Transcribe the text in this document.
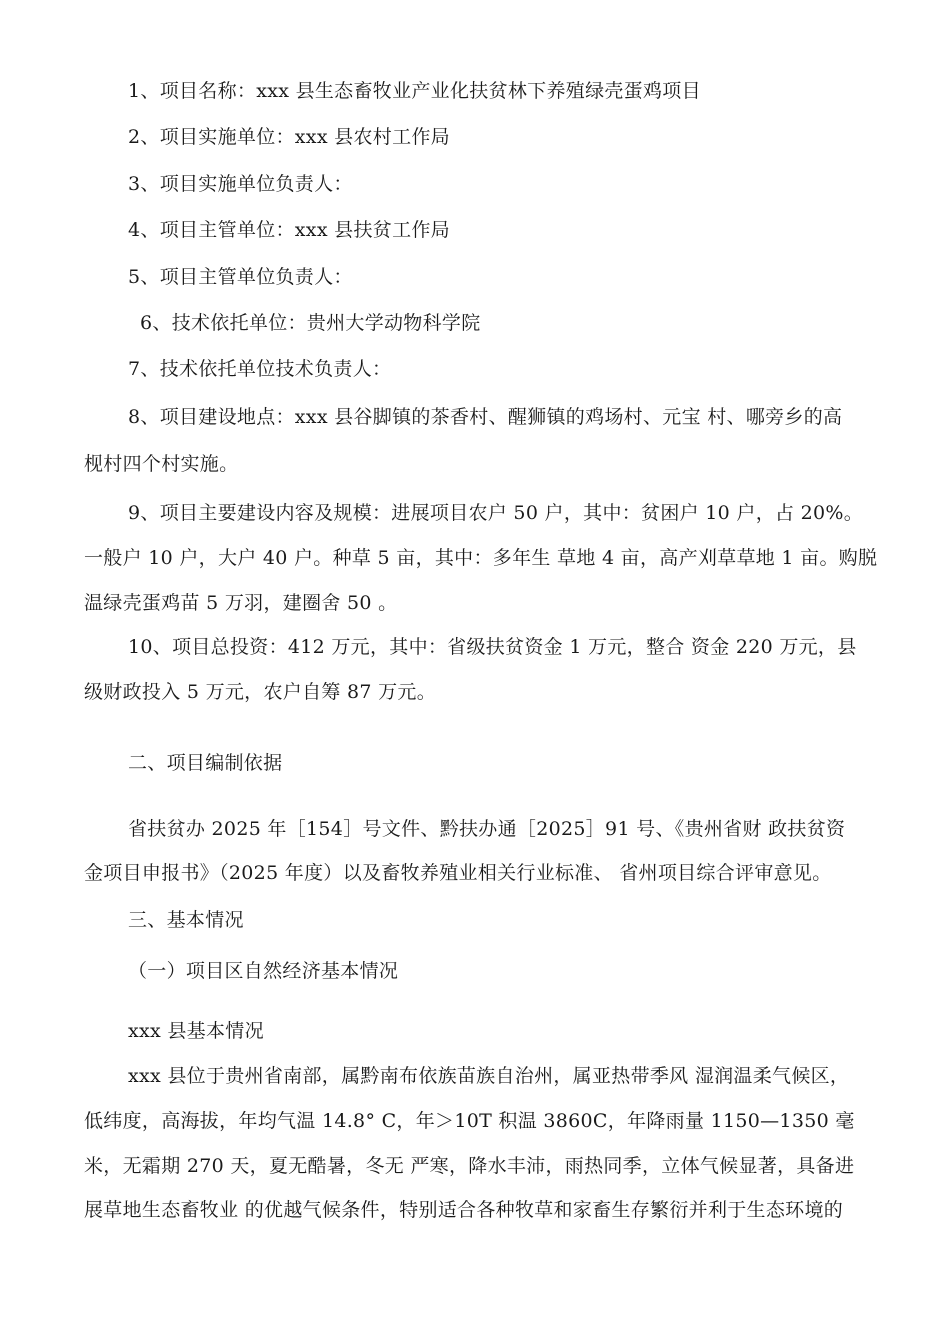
1、项目名称：xxx 县生态畜牧业产业化扶贫林下养殖绿壳蛋鸡项目
2、项目实施单位：xxx 县农村工作局
3、项目实施单位负责人：
4、项目主管单位：xxx 县扶贫工作局
5、项目主管单位负责人：
6、技术依托单位：贵州大学动物科学院
7、技术依托单位技术负责人：
8、项目建设地点：xxx 县谷脚镇的茶香村、醒狮镇的鸡场村、元宝 村、哪旁乡的高
枧村四个村实施。
9、项目主要建设内容及规模：进展项目农户 50 户，其中：贫困户 10 户，占 20%。
一般户 10 户，大户 40 户。种草 5 亩，其中：多年生 草地 4 亩，高产刈草草地 1 亩。购脱
温绿壳蛋鸡苗 5 万羽，建圈舍 50 。
10、项目总投资：412 万元，其中：省级扶贫资金 1 万元，整合 资金 220 万元，县
级财政投入 5 万元，农户自筹 87 万元。
二、项目编制依据
省扶贫办 2025 年［154］号文件、黔扶办通［2025］91 号、《贵州省财 政扶贫资
金项目申报书》（2025 年度）以及畜牧养殖业相关行业标准、 省州项目综合评审意见。
三、基本情况
（一）项目区自然经济基本情况
xxx 县基本情况
xxx 县位于贵州省南部，属黔南布依族苗族自治州，属亚热带季风 湿润温柔气候区，
低纬度，高海拔，年均气温 14.8° C，年＞10T 积温 3860C，年降雨量 1150—1350 毫
米，无霜期 270 天，夏无酷暑，冬无 严寒，降水丰沛，雨热同季，立体气候显著，具备进
展草地生态畜牧业 的优越气候条件，特别适合各种牧草和家畜生存繁衍并利于生态环境的
